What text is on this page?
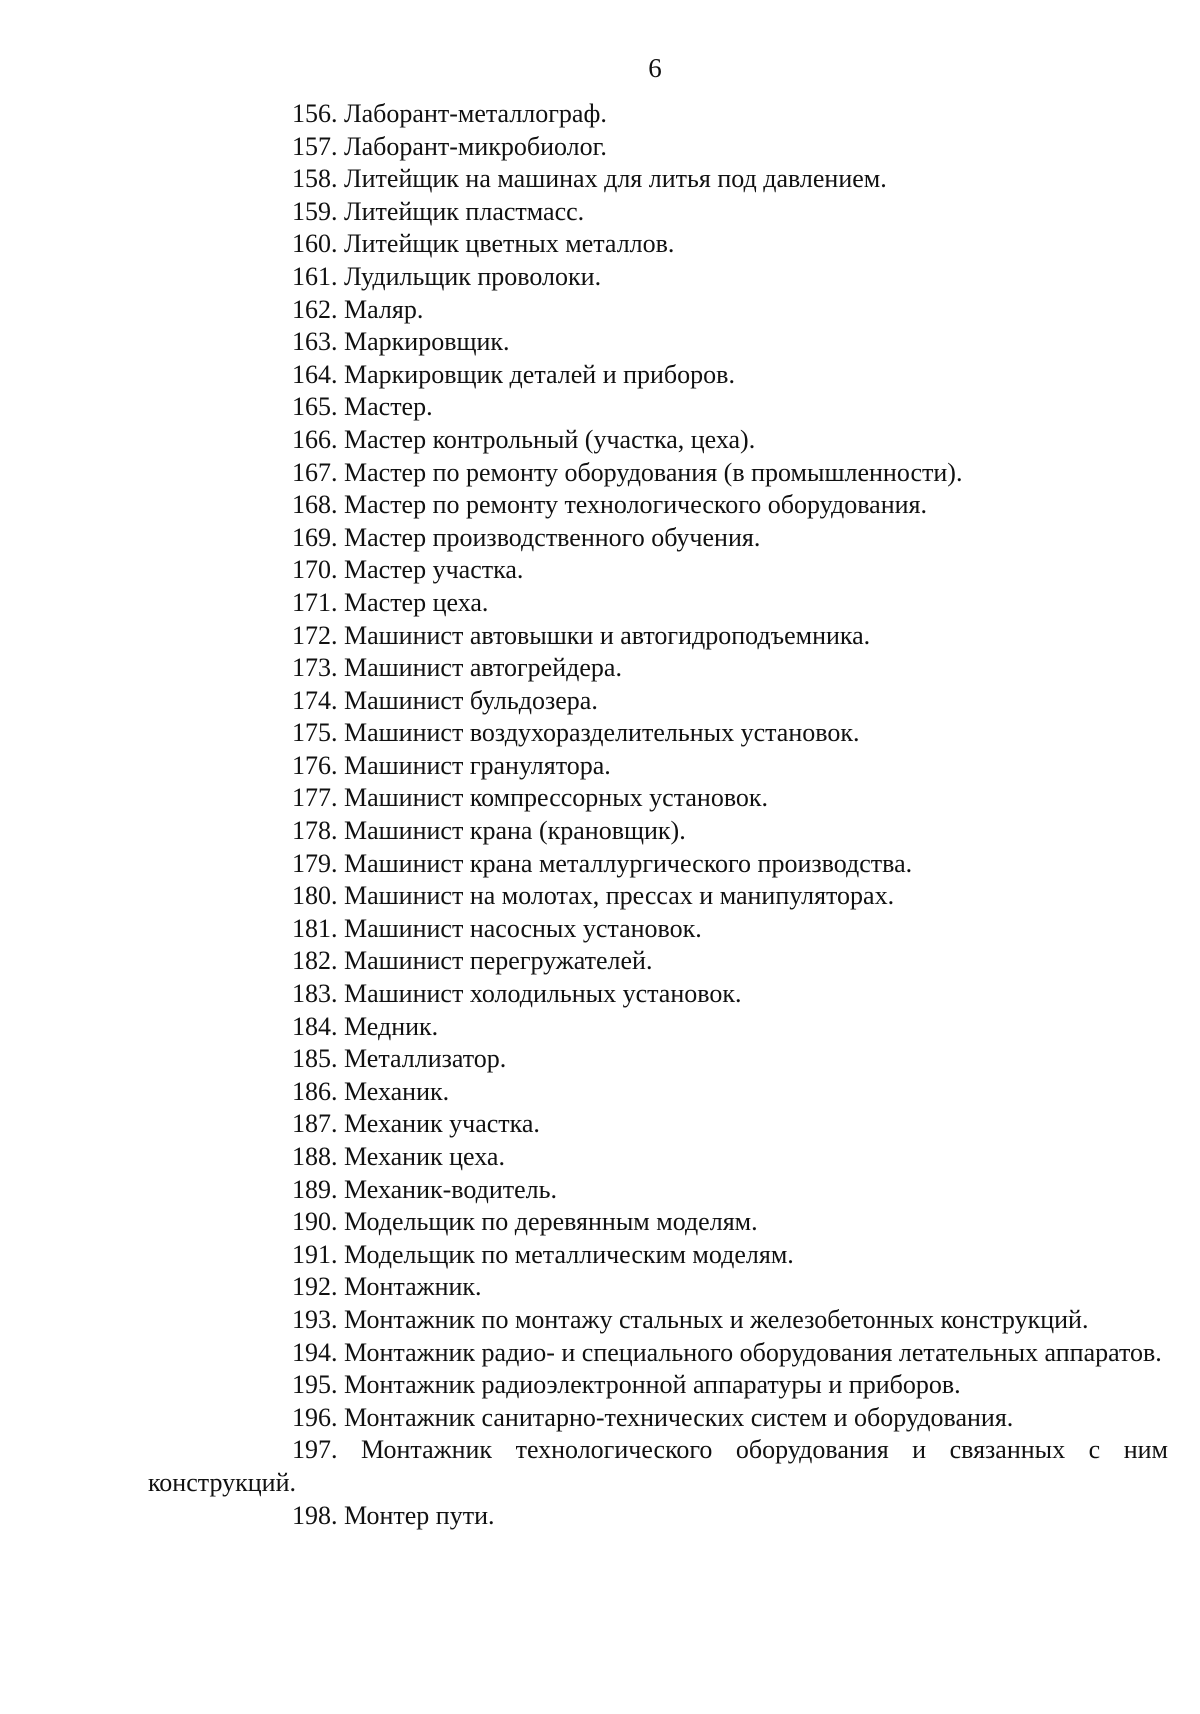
6
156. Лаборант-металлограф.
157. Лаборант-микробиолог.
158. Литейщик на машинах для литья под давлением.
159. Литейщик пластмасс.
160. Литейщик цветных металлов.
161. Лудильщик проволоки.
162. Маляр.
163. Маркировщик.
164. Маркировщик деталей и приборов.
165. Мастер.
166. Мастер контрольный (участка, цеха).
167. Мастер по ремонту оборудования (в промышленности).
168. Мастер по ремонту технологического оборудования.
169. Мастер производственного обучения.
170. Мастер участка.
171. Мастер цеха.
172. Машинист автовышки и автогидроподъемника.
173. Машинист автогрейдера.
174. Машинист бульдозера.
175. Машинист воздухоразделительных установок.
176. Машинист гранулятора.
177. Машинист компрессорных установок.
178. Машинист крана (крановщик).
179. Машинист крана металлургического производства.
180. Машинист на молотах, прессах и манипуляторах.
181. Машинист насосных установок.
182. Машинист перегружателей.
183. Машинист холодильных установок.
184. Медник.
185. Металлизатор.
186. Механик.
187. Механик участка.
188. Механик цеха.
189. Механик-водитель.
190. Модельщик по деревянным моделям.
191. Модельщик по металлическим моделям.
192. Монтажник.
193. Монтажник по монтажу стальных и железобетонных конструкций.
194. Монтажник радио- и специального оборудования летательных аппаратов.
195. Монтажник радиоэлектронной аппаратуры и приборов.
196. Монтажник санитарно-технических систем и оборудования.
197. Монтажник технологического оборудования и связанных с ним конструкций.
198. Монтер пути.
